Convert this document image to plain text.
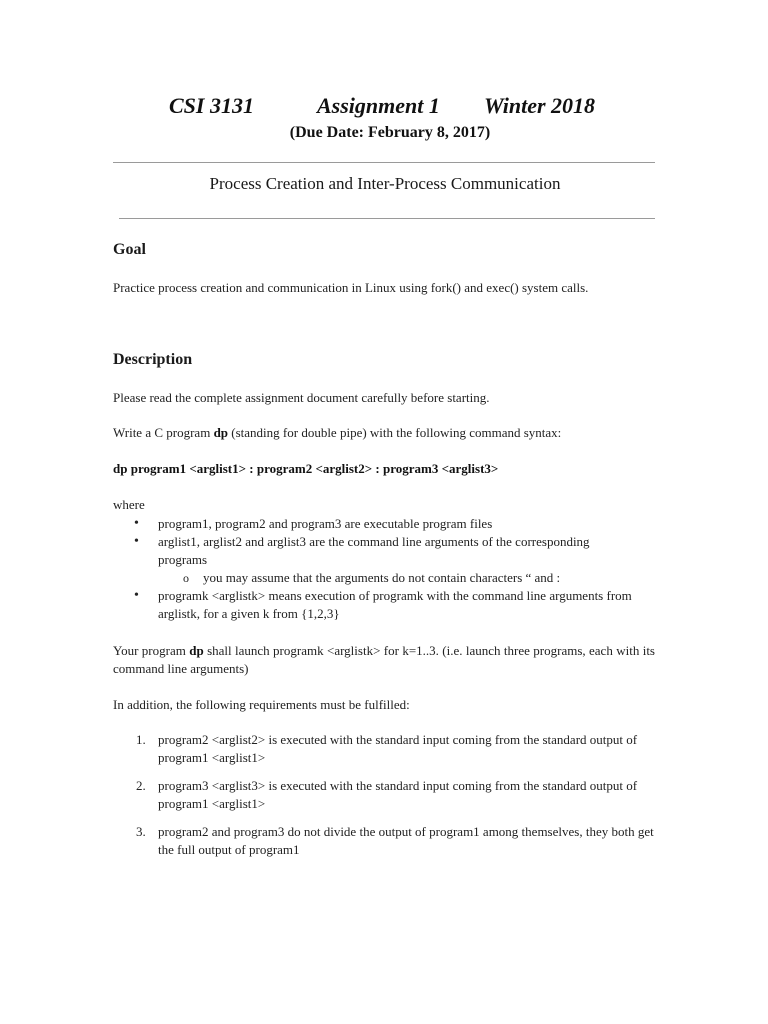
CSI 3131	Assignment 1 Winter 2018
(Due Date: February 8, 2017)
Process Creation and Inter-Process Communication
Goal
Practice process creation and communication in Linux using fork() and exec() system calls.
Description
Please read the complete assignment document carefully before starting.
Write a C program dp (standing for double pipe) with the following command syntax:
dp program1 <arglist1> : program2 <arglist2> : program3 <arglist3>
where
• program1, program2 and program3 are executable program files
• arglist1, arglist2 and arglist3 are the command line arguments of the corresponding programs
o you may assume that the arguments do not contain characters “ and :
• programk <arglistk> means execution of programk with the command line arguments from arglistk, for a given k from {1,2,3}
Your program dp shall launch programk <arglistk> for k=1..3. (i.e. launch three programs, each with its command line arguments)
In addition, the following requirements must be fulfilled:
1. program2 <arglist2> is executed with the standard input coming from the standard output of program1 <arglist1>
2. program3 <arglist3> is executed with the standard input coming from the standard output of program1 <arglist1>
3. program2 and program3 do not divide the output of program1 among themselves, they both get the full output of program1
